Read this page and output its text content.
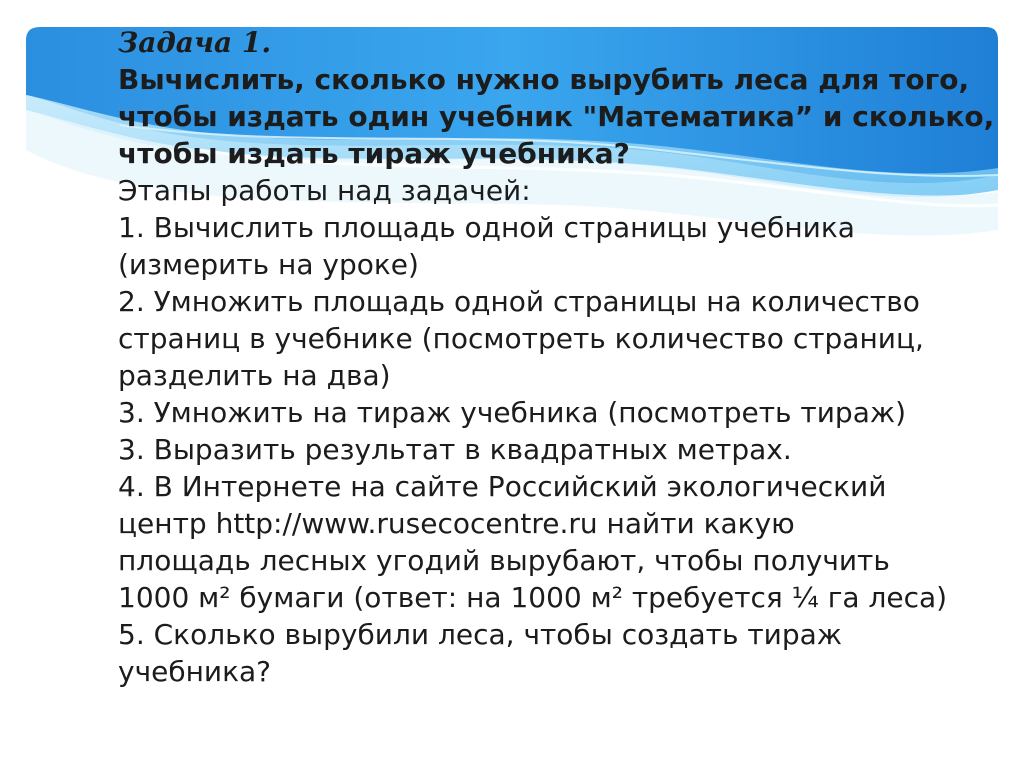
Задача 1.
Вычислить, сколько нужно вырубить леса для того,
чтобы издать один учебник "Математика” и сколько,
чтобы издать тираж учебника?
Этапы работы над задачей:
1. Вычислить площадь одной страницы учебника
(измерить на уроке)
2. Умножить площадь одной страницы на количество
страниц в учебнике (посмотреть количество страниц,
разделить на два)
3. Умножить на тираж учебника (посмотреть тираж)
3. Выразить результат в квадратных метрах.
4. В Интернете на сайте Российский экологический
центр http://www.rusecocentre.ru найти какую
площадь лесных угодий вырубают, чтобы получить
1000 м² бумаги (ответ: на 1000 м² требуется ¼ га леса)
5. Сколько вырубили леса, чтобы создать тираж
учебника?
